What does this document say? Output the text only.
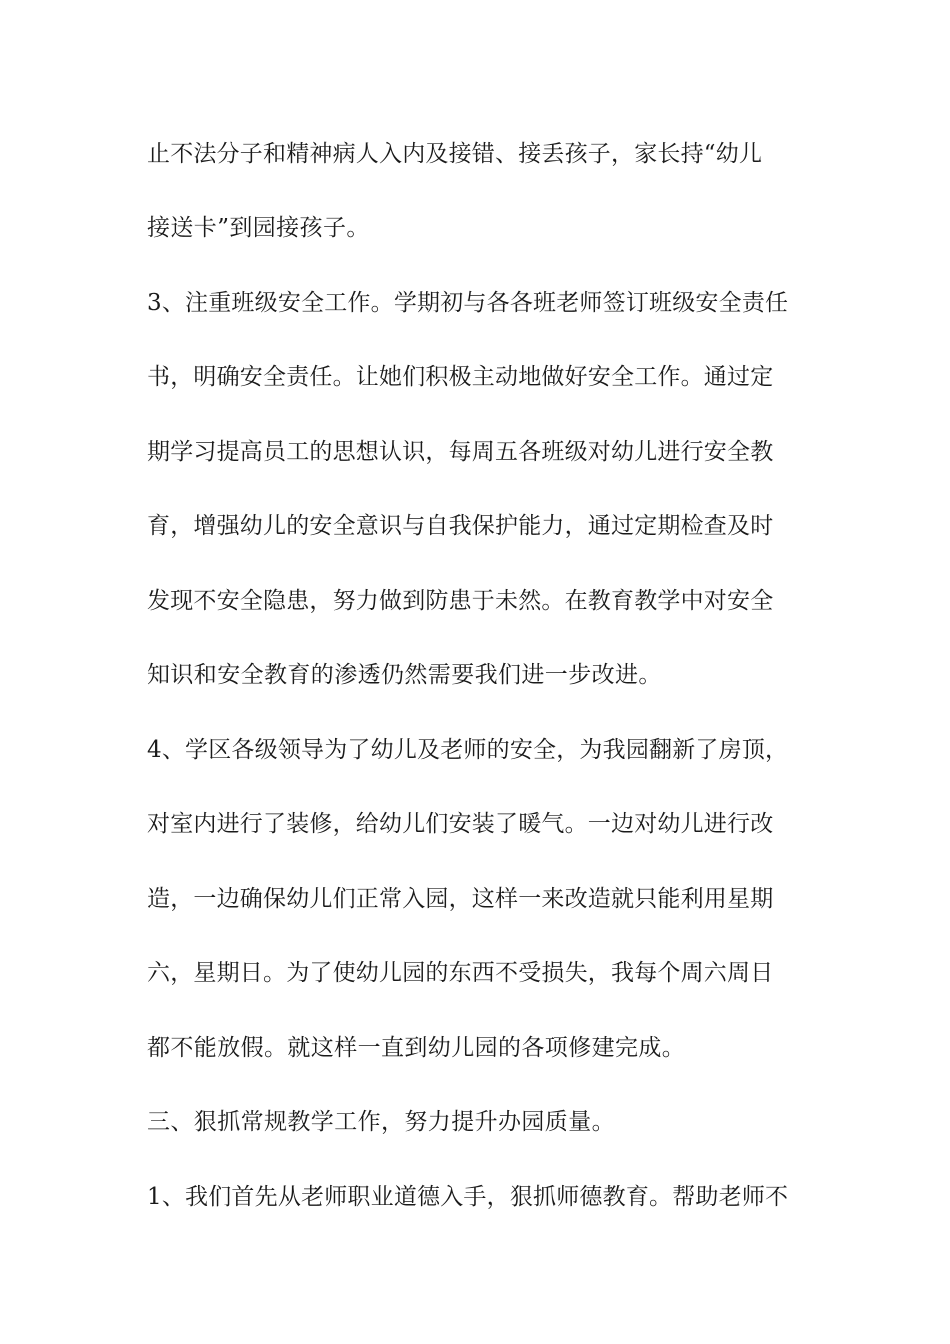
止不法分子和精神病人入内及接错、接丢孩子，家长持“幼儿
接送卡”到园接孩子。
3、注重班级安全工作。学期初与各各班老师签订班级安全责任
书，明确安全责任。让她们积极主动地做好安全工作。通过定
期学习提高员工的思想认识，每周五各班级对幼儿进行安全教
育，增强幼儿的安全意识与自我保护能力，通过定期检查及时
发现不安全隐患，努力做到防患于未然。在教育教学中对安全
知识和安全教育的渗透仍然需要我们进一步改进。
4、学区各级领导为了幼儿及老师的安全，为我园翻新了房顶，
对室内进行了装修，给幼儿们安装了暖气。一边对幼儿进行改
造，一边确保幼儿们正常入园，这样一来改造就只能利用星期
六，星期日。为了使幼儿园的东西不受损失，我每个周六周日
都不能放假。就这样一直到幼儿园的各项修建完成。
三、狠抓常规教学工作，努力提升办园质量。
1、我们首先从老师职业道德入手，狠抓师德教育。帮助老师不
